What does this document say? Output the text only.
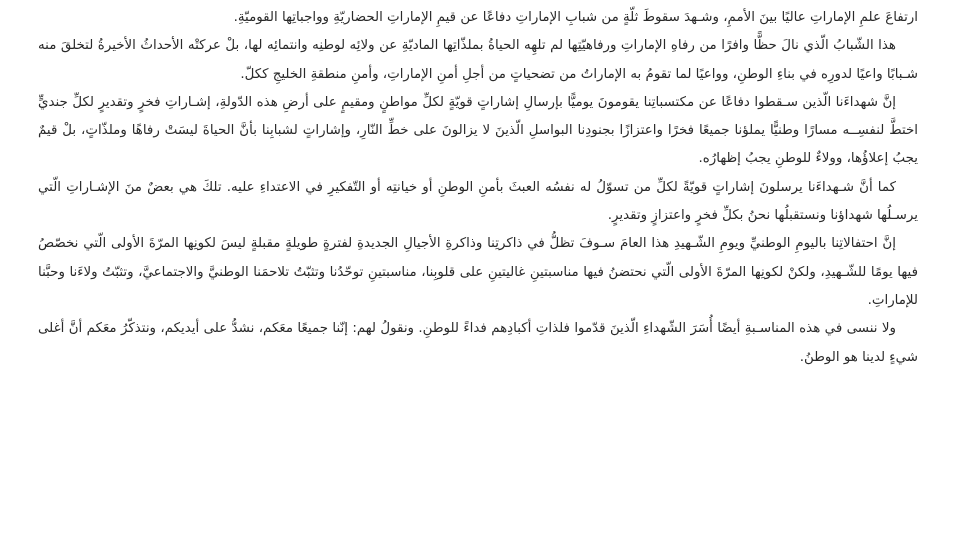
ارتفاعَ علمِ الإماراتِ عاليًا بينَ الأممِ، وشـهدَ سقوطَ ثلّةٍ من شبابِ الإماراتِ دفاعًا عن قيمِ الإماراتِ الحضاريّةِ وواجباتِها القوميّةِ.

هذا الشّبابُ الّذي نالَ حظًّا وافرًا من رفاهِ الإماراتِ ورفاهيّتِها لم تلهِه الحياةُ بملذّاتِها الماديّةِ عن ولائِه لوطنِه وانتمائِه لها، بلْ عركتْه الأحداثُ الأخيرةُ لتخلقَ منه شـبابًا واعيًا لدورِه في بناءِ الوطنِ، وواعيًا لما تقومُ به الإماراتُ من تضحياتٍ من أجلِ أمنِ الإماراتِ، وأمنِ منطقةِ الخليجِ ككلّ.

إنَّ شهداءَنا الّذين سـقطوا دفاعًا عن مكتسباتِنا يقومونَ يوميًّا بإرسالِ إشاراتٍ قويّةٍ لكلِّ مواطنٍ ومقيمٍ على أرضِ هذه الدّولةِ، إشـاراتِ فخرٍ وتقديرٍ لكلِّ جنديٍّ اختطَّ لنفسِــه مسارًا وطنيًّا يملؤنا جميعًا فخرًا واعتزازًا بجنودِنا البواسلِ الّذينَ لا يزالونَ على خطِّ النّارِ، وإشاراتٍ لشبابِنا بأنَّ الحياةَ ليسَتْ رفاهًا وملذّاتٍ، بلْ قيمٌ يجبُ إعلاؤُها، وولاءٌ للوطنِ يجبُ إظهارُه.

كما أنَّ شـهداءَنا يرسلونَ إشاراتٍ قويّةً لكلِّ من تسوّلُ له نفسُه العبثَ بأمنِ الوطنِ أو خيانتِه أو التّفكيرِ في الاعتداءِ عليه. تلكَ هي بعضٌ منَ الإشـاراتِ الّتي يرسـلُها شهداؤنا ونستقبلُها نحنُ بكلِّ فخرٍ واعتزازٍ وتقديرٍ.

إنَّ احتفالاتِنا باليومِ الوطنيِّ ويومِ الشّـهيدِ هذا العامَ سـوفَ تظلُّ في ذاكرتِنا وذاكرةِ الأجيالِ الجديدةِ لفترةٍ طويلةٍ مقبلةٍ ليسَ لكونِها المرّةَ الأولى الّتي نخصّصُ فيها يومًا للشّـهيدِ، ولكنْ لكونِها المرّةَ الأولى الّتي نحتضنُ فيها مناسبتينِ غاليتينِ على قلوبِنا، مناسبتينِ توحّدُنا وتثبّتُ تلاحمَنا الوطنيَّ والاجتماعيَّ، وتثبّتُ ولاءَنا وحبَّنا للإماراتِ.

ولا ننسى في هذه المناسـبةِ أيضًا أُسَرَ الشّهداءِ الّذينَ قدّموا فلذاتِ أكبادِهم فداءً للوطنِ. ونقولُ لهم: إنّنا جميعًا معَكم، نشدُّ على أيديكم، ونتذكّرُ معَكم أنَّ أغلى شيءٍ لدينا هو الوطنُ.
